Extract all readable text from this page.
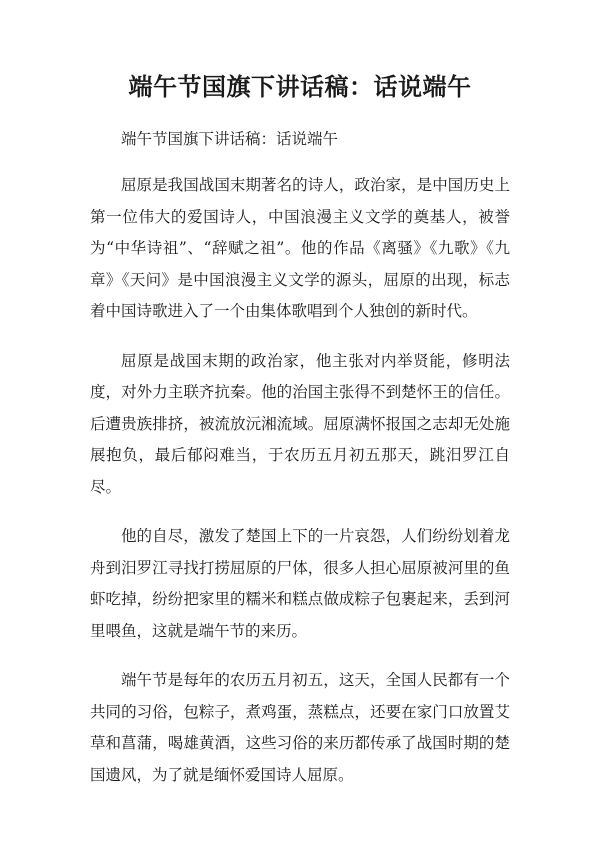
端午节国旗下讲话稿：话说端午

端午节国旗下讲话稿：话说端午

屈原是我国战国末期著名的诗人，政治家，是中国历史上第一位伟大的爱国诗人，中国浪漫主义文学的奠基人，被誉为“中华诗祖”、“辞赋之祖”。他的作品《离骚》《九歌》《九章》《天问》是中国浪漫主义文学的源头，屈原的出现，标志着中国诗歌进入了一个由集体歌唱到个人独创的新时代。

屈原是战国末期的政治家，他主张对内举贤能，修明法度，对外力主联齐抗秦。他的治国主张得不到楚怀王的信任。后遭贵族排挤，被流放沅湘流域。屈原满怀报国之志却无处施展抱负，最后郁闷难当，于农历五月初五那天，跳汨罗江自尽。

他的自尽，激发了楚国上下的一片哀怨，人们纷纷划着龙舟到汨罗江寻找打捞屈原的尸体，很多人担心屈原被河里的鱼虾吃掉，纷纷把家里的糯米和糕点做成粽子包裹起来，丢到河里喂鱼，这就是端午节的来历。

端午节是每年的农历五月初五，这天，全国人民都有一个共同的习俗，包粽子，煮鸡蛋，蒸糕点，还要在家门口放置艾草和菖蒲，喝雄黄酒，这些习俗的来历都传承了战国时期的楚国遗风，为了就是缅怀爱国诗人屈原。
